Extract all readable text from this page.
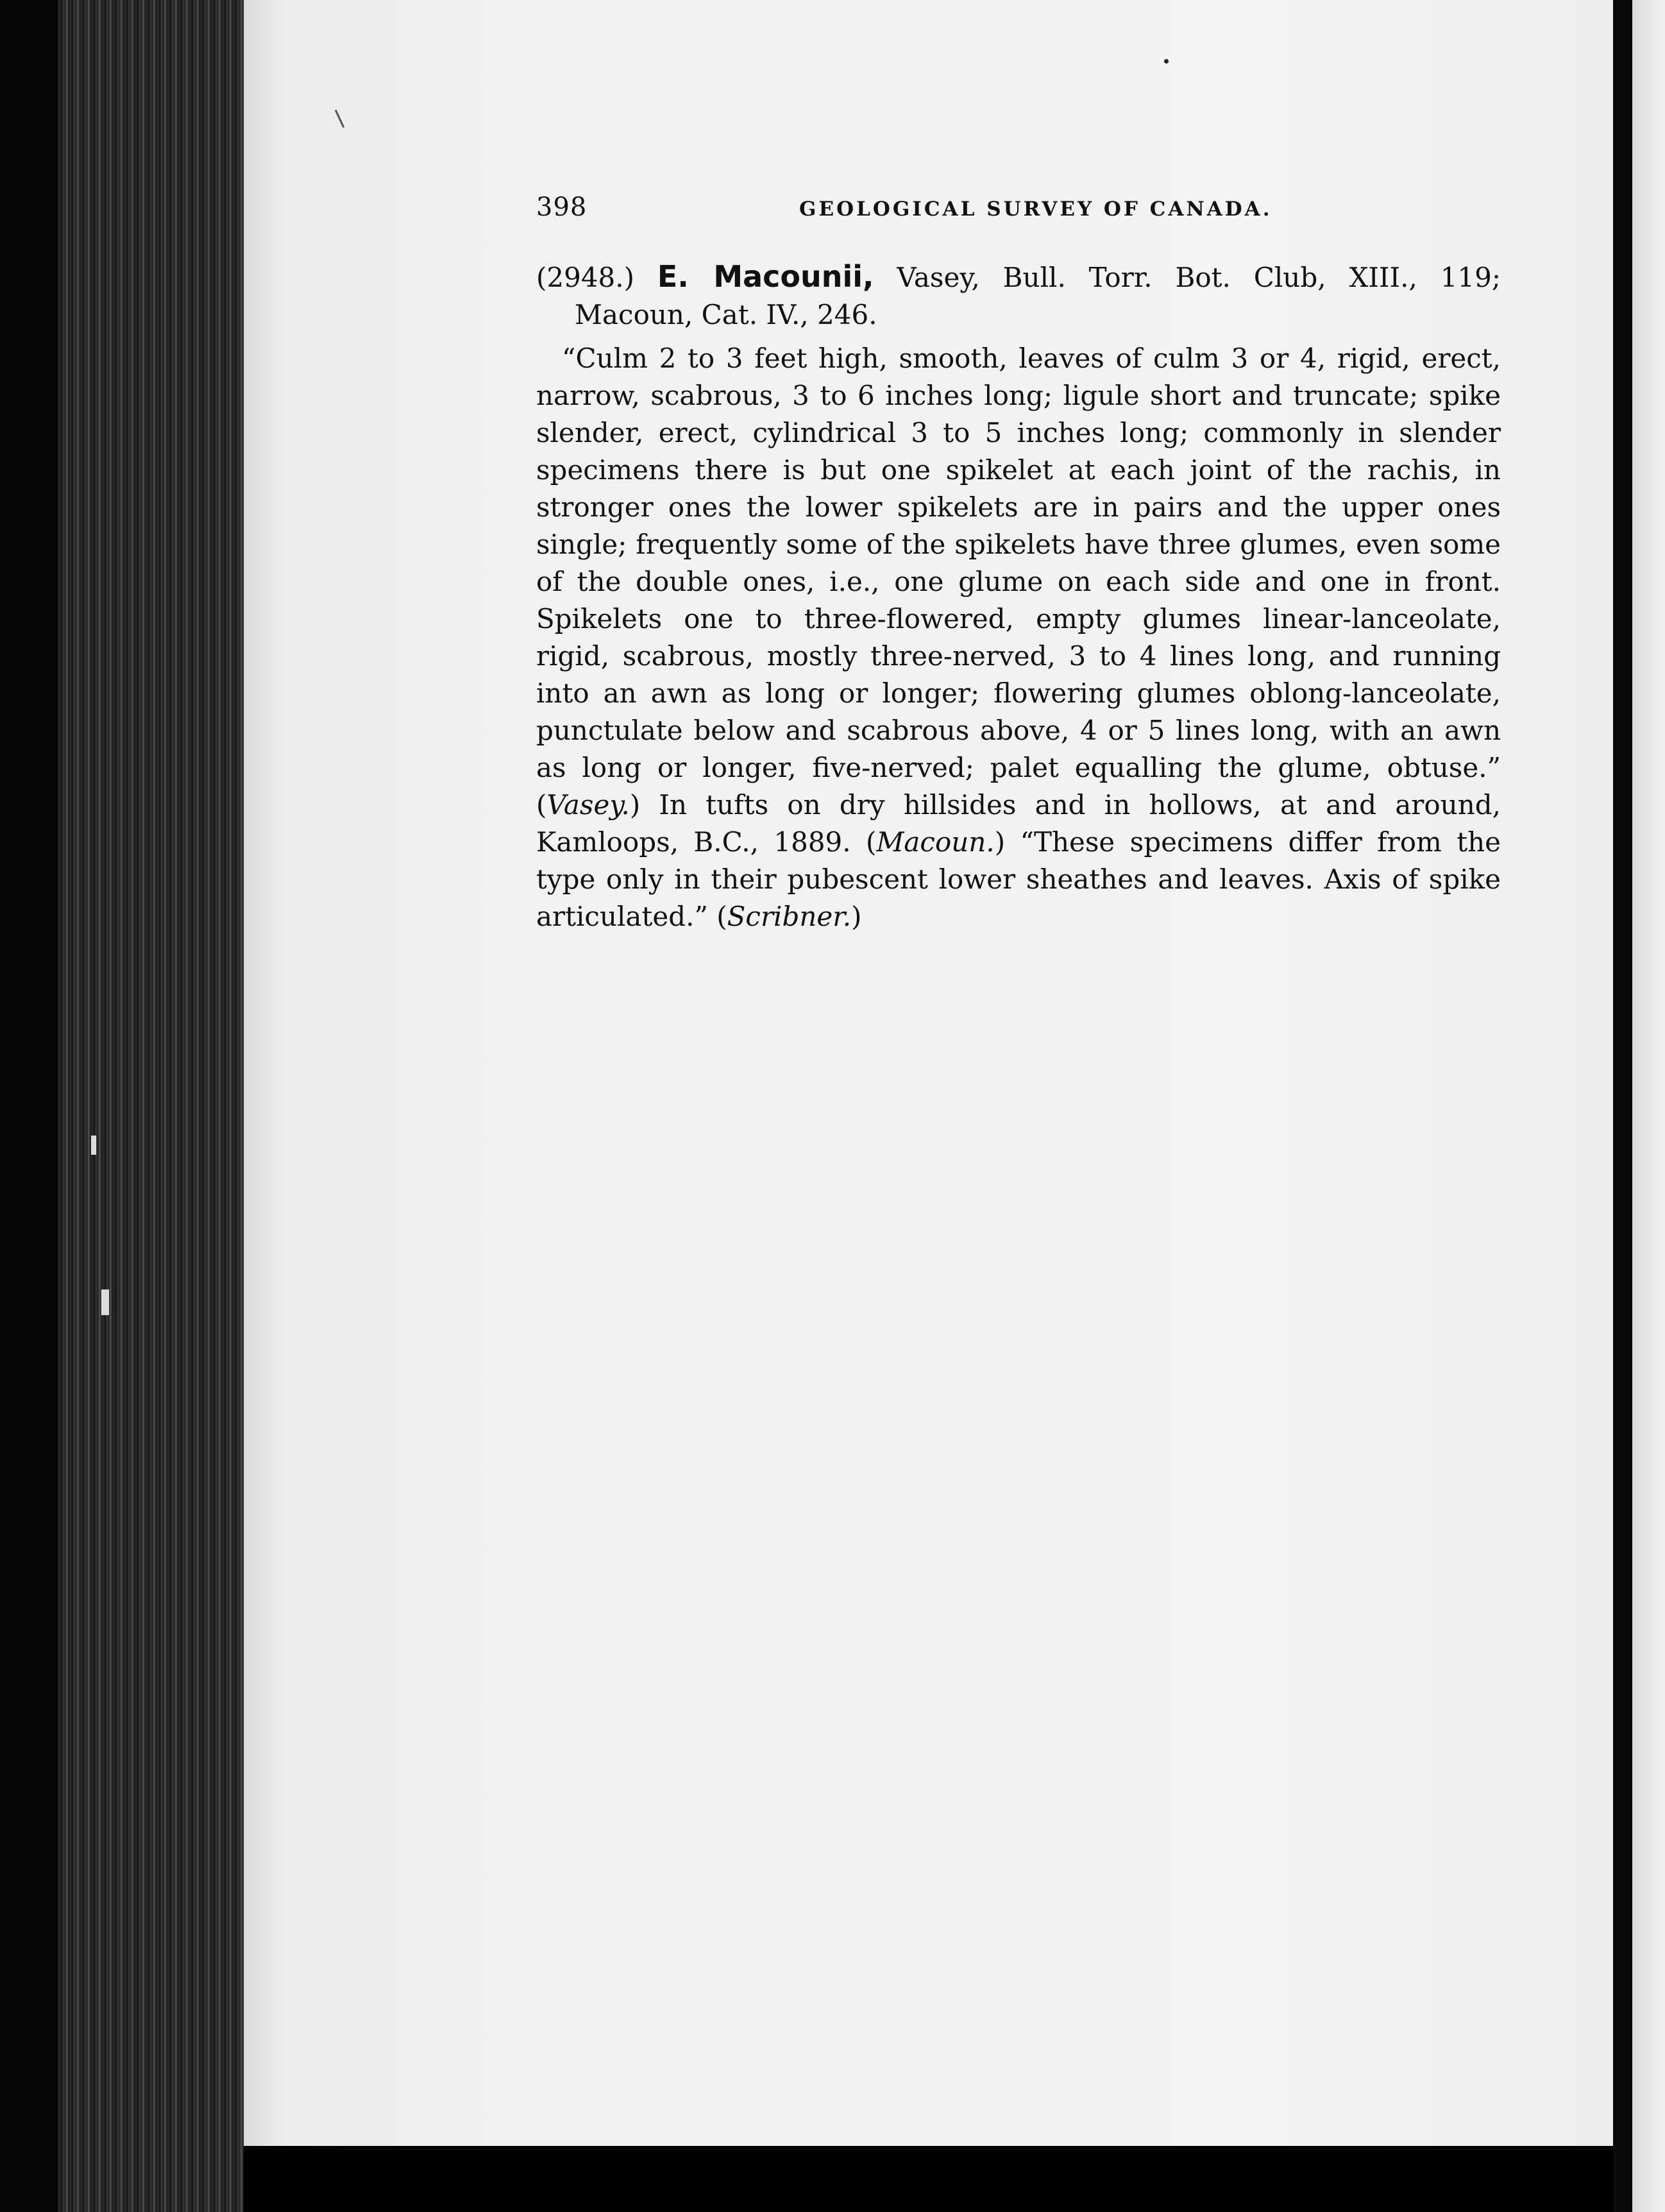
398	GEOLOGICAL SURVEY OF CANADA.

(2948.) E. Macounii, Vasey, Bull. Torr. Bot. Club, XIII., 119;

Macoun, Cat. IV., 246.

“Culm 2 to 3 feet high, smooth, leaves of culm 3 or 4, rigid, erect, narrow, scabrous, 3 to 6 inches long; ligule short and truncate; spike slender, erect, cylindrical 3 to 5 inches long; commonly in slender specimens there is but one spikelet at each joint of the rachis, in stronger ones the lower spikelets are in pairs and the upper ones single; frequently some of the spikelets have three glumes, even some of the double ones, i.e., one glume on each side and one in front. Spikelets one to three-flowered, empty glumes linear-lanceolate, rigid, scabrous, mostly three-nerved, 3 to 4 lines long, and running into an awn as long or longer; flowering glumes oblong-lanceolate, punctulate below and scabrous above, 4 or 5 lines long, with an awn as long or longer, five-nerved; palet equalling the glume, obtuse.” (Vasey.) In tufts on dry hillsides and in hollows, at and around, Kamloops, B.C., 1889. (Macoun.) “These specimens differ from the type only in their pubescent lower sheathes and leaves. Axis of spike articulated.” (Scribner.)
